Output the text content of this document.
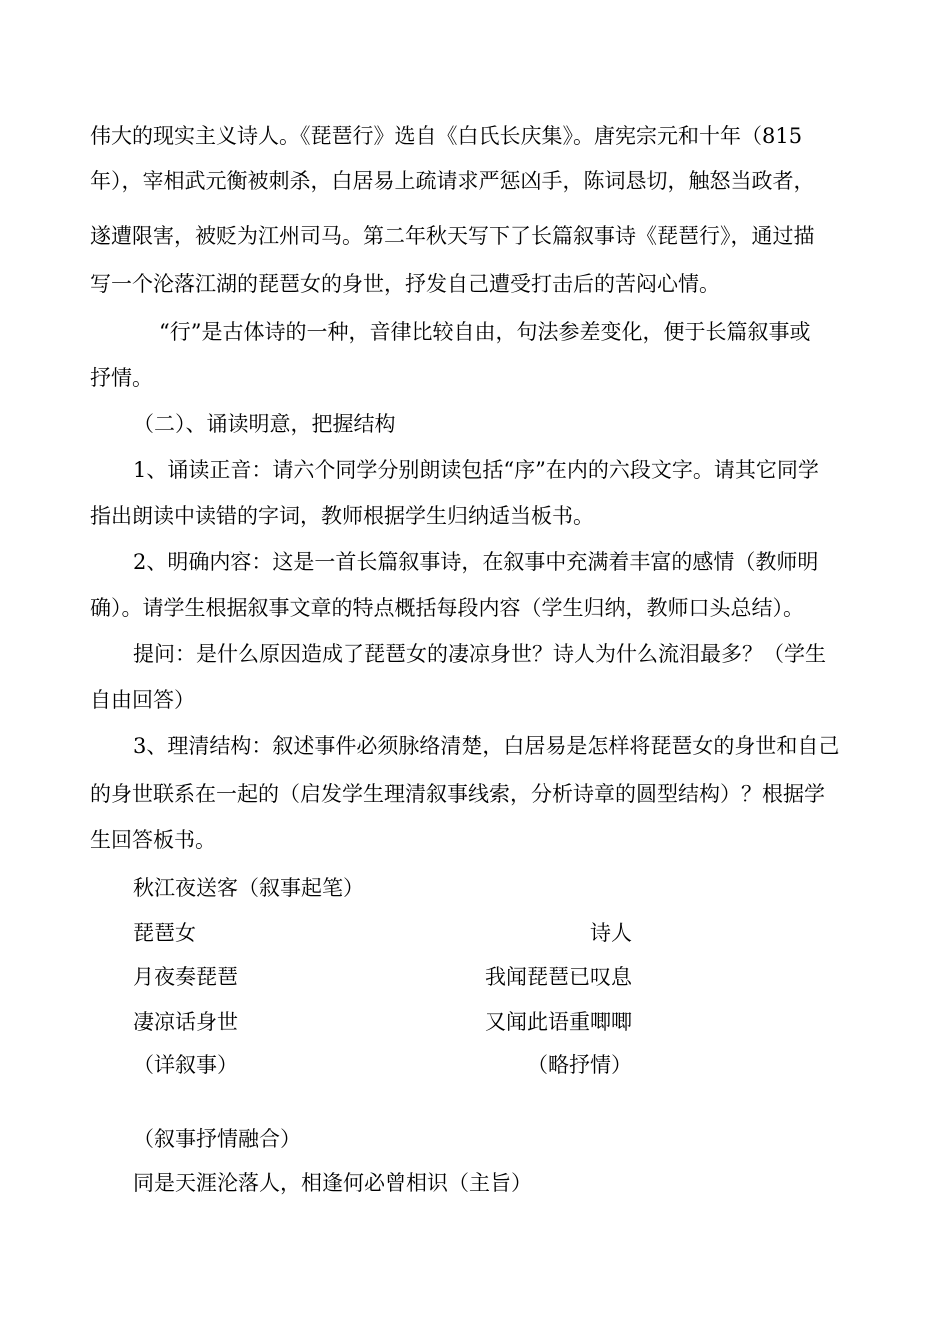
伟大的现实主义诗人。《琵琶行》选自《白氏长庆集》。唐宪宗元和十年（815
年），宰相武元衡被刺杀，白居易上疏请求严惩凶手，陈词恳切，触怒当政者，
遂遭限害，被贬为江州司马。第二年秋天写下了长篇叙事诗《琵琶行》，通过描
写一个沦落江湖的琵琶女的身世，抒发自己遭受打击后的苦闷心情。
“行”是古体诗的一种，音律比较自由，句法参差变化，便于长篇叙事或
抒情。
（二）、诵读明意，把握结构
1、诵读正音：请六个同学分别朗读包括“序”在内的六段文字。请其它同学
指出朗读中读错的字词，教师根据学生归纳适当板书。
2、明确内容：这是一首长篇叙事诗，在叙事中充满着丰富的感情（教师明
确）。请学生根据叙事文章的特点概括每段内容（学生归纳，教师口头总结）。
提问：是什么原因造成了琵琶女的凄凉身世？诗人为什么流泪最多？（学生
自由回答）
3、理清结构：叙述事件必须脉络清楚，白居易是怎样将琵琶女的身世和自己
的身世联系在一起的（启发学生理清叙事线索，分析诗章的圆型结构）？根据学
生回答板书。
秋江夜送客（叙事起笔）
琵琶女	诗人
月夜奏琵琶	我闻琵琶已叹息
凄凉话身世	又闻此语重唧唧
（详叙事）	（略抒情）
（叙事抒情融合）
同是天涯沦落人，相逢何必曾相识（主旨）
